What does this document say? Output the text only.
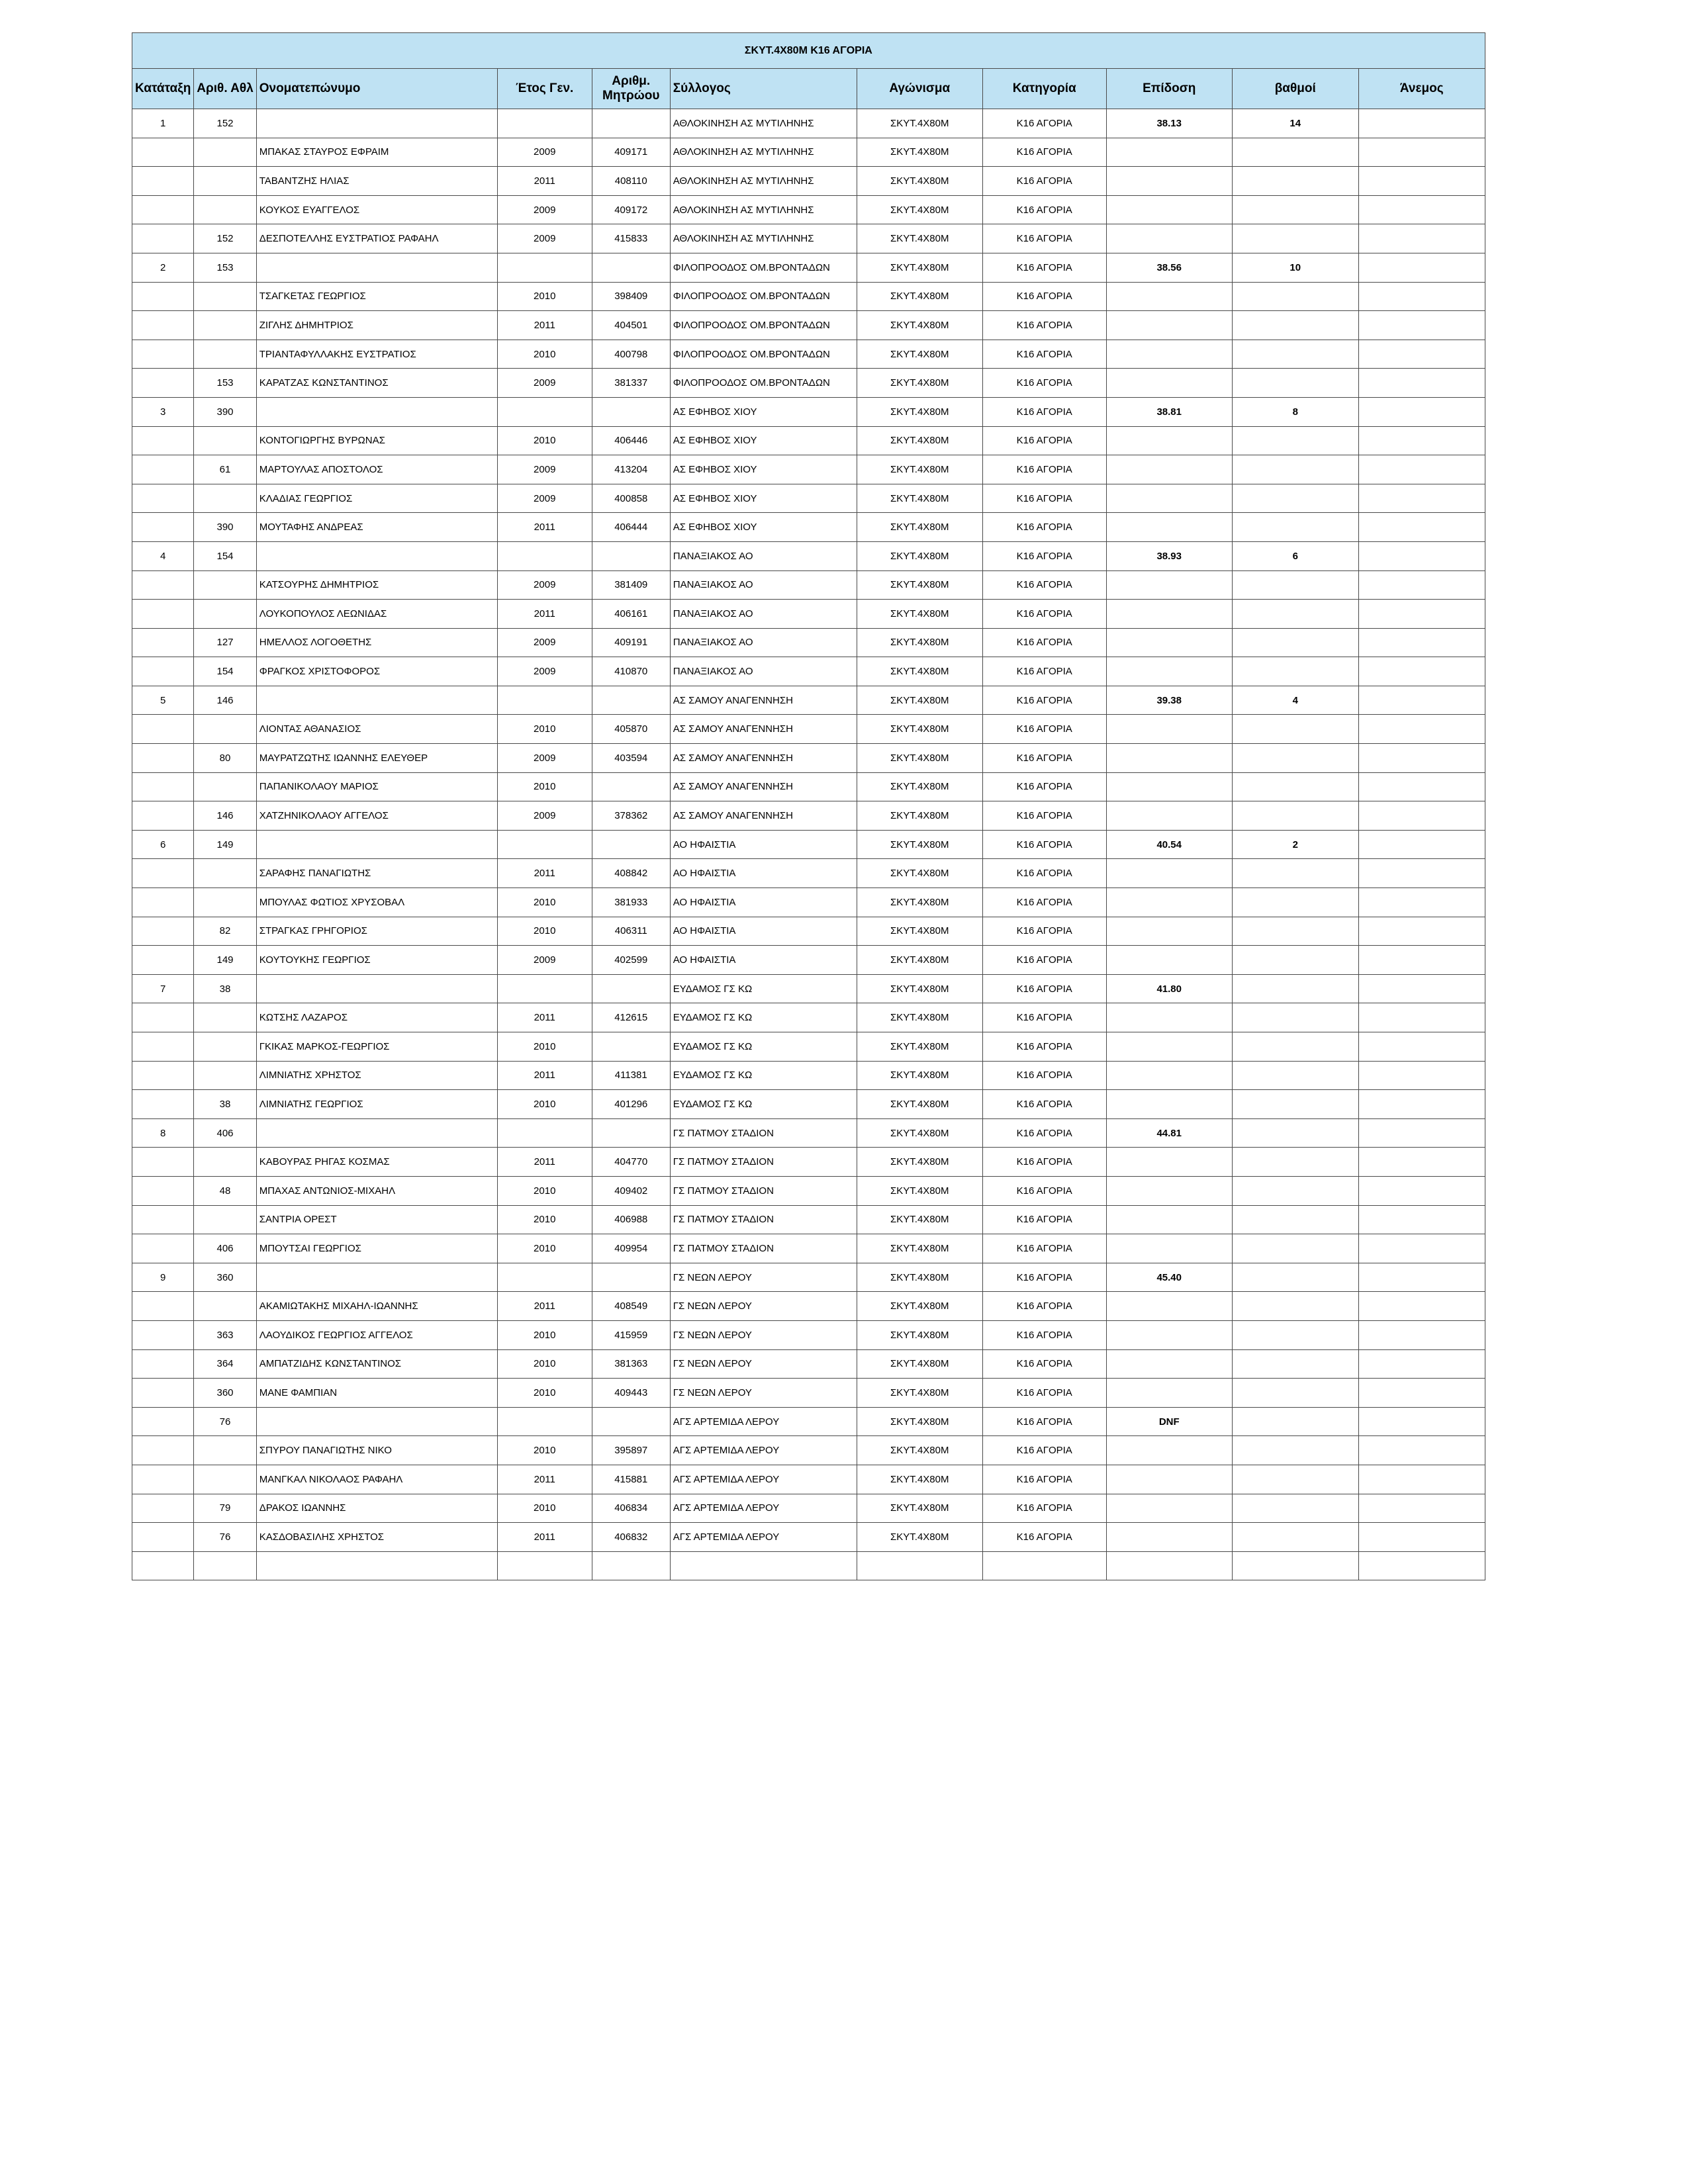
ΣΚΥΤ.4Χ80Μ Κ16 ΑΓΟΡΙΑ										
Κατάταξη	Αριθ. Αθλ	Ονοματεπώνυμο	Έτος Γεν.	Αριθμ. Μητρώου	Σύλλογος	Αγώνισμα	Κατηγορία	Επίδοση	βαθμοί	Άνεμος
1	152				ΑΘΛΟΚΙΝΗΣΗ ΑΣ ΜΥΤΙΛΗΝΗΣ	ΣΚΥΤ.4Χ80Μ	Κ16 ΑΓΟΡΙΑ	38.13	14	
		ΜΠΑΚΑΣ ΣΤΑΥΡΟΣ ΕΦΡΑΙΜ	2009	409171	ΑΘΛΟΚΙΝΗΣΗ ΑΣ ΜΥΤΙΛΗΝΗΣ	ΣΚΥΤ.4Χ80Μ	Κ16 ΑΓΟΡΙΑ			
		ΤΑΒΑΝΤΖΗΣ ΗΛΙΑΣ	2011	408110	ΑΘΛΟΚΙΝΗΣΗ ΑΣ ΜΥΤΙΛΗΝΗΣ	ΣΚΥΤ.4Χ80Μ	Κ16 ΑΓΟΡΙΑ			
		ΚΟΥΚΟΣ ΕΥΑΓΓΕΛΟΣ	2009	409172	ΑΘΛΟΚΙΝΗΣΗ ΑΣ ΜΥΤΙΛΗΝΗΣ	ΣΚΥΤ.4Χ80Μ	Κ16 ΑΓΟΡΙΑ			
	152	ΔΕΣΠΟΤΕΛΛΗΣ ΕΥΣΤΡΑΤΙΟΣ ΡΑΦΑΗΛ	2009	415833	ΑΘΛΟΚΙΝΗΣΗ ΑΣ ΜΥΤΙΛΗΝΗΣ	ΣΚΥΤ.4Χ80Μ	Κ16 ΑΓΟΡΙΑ			
2	153				ΦΙΛΟΠΡΟΟΔΟΣ ΟΜ.ΒΡΟΝΤΑΔΩΝ	ΣΚΥΤ.4Χ80Μ	Κ16 ΑΓΟΡΙΑ	38.56	10	
		ΤΣΑΓΚΕΤΑΣ ΓΕΩΡΓΙΟΣ	2010	398409	ΦΙΛΟΠΡΟΟΔΟΣ ΟΜ.ΒΡΟΝΤΑΔΩΝ	ΣΚΥΤ.4Χ80Μ	Κ16 ΑΓΟΡΙΑ			
		ΖΙΓΛΗΣ ΔΗΜΗΤΡΙΟΣ	2011	404501	ΦΙΛΟΠΡΟΟΔΟΣ ΟΜ.ΒΡΟΝΤΑΔΩΝ	ΣΚΥΤ.4Χ80Μ	Κ16 ΑΓΟΡΙΑ			
		ΤΡΙΑΝΤΑΦΥΛΛΑΚΗΣ ΕΥΣΤΡΑΤΙΟΣ	2010	400798	ΦΙΛΟΠΡΟΟΔΟΣ ΟΜ.ΒΡΟΝΤΑΔΩΝ	ΣΚΥΤ.4Χ80Μ	Κ16 ΑΓΟΡΙΑ			
	153	ΚΑΡΑΤΖΑΣ ΚΩΝΣΤΑΝΤΙΝΟΣ	2009	381337	ΦΙΛΟΠΡΟΟΔΟΣ ΟΜ.ΒΡΟΝΤΑΔΩΝ	ΣΚΥΤ.4Χ80Μ	Κ16 ΑΓΟΡΙΑ			
3	390				ΑΣ ΕΦΗΒΟΣ ΧΙΟΥ	ΣΚΥΤ.4Χ80Μ	Κ16 ΑΓΟΡΙΑ	38.81	8	
		ΚΟΝΤΟΓΙΩΡΓΗΣ ΒΥΡΩΝΑΣ	2010	406446	ΑΣ ΕΦΗΒΟΣ ΧΙΟΥ	ΣΚΥΤ.4Χ80Μ	Κ16 ΑΓΟΡΙΑ			
	61	ΜΑΡΤΟΥΛΑΣ ΑΠΟΣΤΟΛΟΣ	2009	413204	ΑΣ ΕΦΗΒΟΣ ΧΙΟΥ	ΣΚΥΤ.4Χ80Μ	Κ16 ΑΓΟΡΙΑ			
		ΚΛΑΔΙΑΣ ΓΕΩΡΓΙΟΣ	2009	400858	ΑΣ ΕΦΗΒΟΣ ΧΙΟΥ	ΣΚΥΤ.4Χ80Μ	Κ16 ΑΓΟΡΙΑ			
	390	ΜΟΥΤΑΦΗΣ ΑΝΔΡΕΑΣ	2011	406444	ΑΣ ΕΦΗΒΟΣ ΧΙΟΥ	ΣΚΥΤ.4Χ80Μ	Κ16 ΑΓΟΡΙΑ			
4	154				ΠΑΝΑΞΙΑΚΟΣ ΑΟ	ΣΚΥΤ.4Χ80Μ	Κ16 ΑΓΟΡΙΑ	38.93	6	
		ΚΑΤΣΟΥΡΗΣ ΔΗΜΗΤΡΙΟΣ	2009	381409	ΠΑΝΑΞΙΑΚΟΣ ΑΟ	ΣΚΥΤ.4Χ80Μ	Κ16 ΑΓΟΡΙΑ			
		ΛΟΥΚΟΠΟΥΛΟΣ ΛΕΩΝΙΔΑΣ	2011	406161	ΠΑΝΑΞΙΑΚΟΣ ΑΟ	ΣΚΥΤ.4Χ80Μ	Κ16 ΑΓΟΡΙΑ			
	127	ΗΜΕΛΛΟΣ ΛΟΓΟΘΕΤΗΣ	2009	409191	ΠΑΝΑΞΙΑΚΟΣ ΑΟ	ΣΚΥΤ.4Χ80Μ	Κ16 ΑΓΟΡΙΑ			
	154	ΦΡΑΓΚΟΣ ΧΡΙΣΤΟΦΟΡΟΣ	2009	410870	ΠΑΝΑΞΙΑΚΟΣ ΑΟ	ΣΚΥΤ.4Χ80Μ	Κ16 ΑΓΟΡΙΑ			
5	146				ΑΣ ΣΑΜΟΥ ΑΝΑΓΕΝΝΗΣΗ	ΣΚΥΤ.4Χ80Μ	Κ16 ΑΓΟΡΙΑ	39.38	4	
		ΛΙΟΝΤΑΣ ΑΘΑΝΑΣΙΟΣ	2010	405870	ΑΣ ΣΑΜΟΥ ΑΝΑΓΕΝΝΗΣΗ	ΣΚΥΤ.4Χ80Μ	Κ16 ΑΓΟΡΙΑ			
	80	ΜΑΥΡΑΤΖΩΤΗΣ ΙΩΑΝΝΗΣ ΕΛΕΥΘΕΡ	2009	403594	ΑΣ ΣΑΜΟΥ ΑΝΑΓΕΝΝΗΣΗ	ΣΚΥΤ.4Χ80Μ	Κ16 ΑΓΟΡΙΑ			
		ΠΑΠΑΝΙΚΟΛΑΟΥ ΜΑΡΙΟΣ	2010		ΑΣ ΣΑΜΟΥ ΑΝΑΓΕΝΝΗΣΗ	ΣΚΥΤ.4Χ80Μ	Κ16 ΑΓΟΡΙΑ			
	146	ΧΑΤΖΗΝΙΚΟΛΑΟΥ ΑΓΓΕΛΟΣ	2009	378362	ΑΣ ΣΑΜΟΥ ΑΝΑΓΕΝΝΗΣΗ	ΣΚΥΤ.4Χ80Μ	Κ16 ΑΓΟΡΙΑ			
6	149				ΑΟ ΗΦΑΙΣΤΙΑ	ΣΚΥΤ.4Χ80Μ	Κ16 ΑΓΟΡΙΑ	40.54	2	
		ΣΑΡΑΦΗΣ ΠΑΝΑΓΙΩΤΗΣ	2011	408842	ΑΟ ΗΦΑΙΣΤΙΑ	ΣΚΥΤ.4Χ80Μ	Κ16 ΑΓΟΡΙΑ			
		ΜΠΟΥΛΑΣ ΦΩΤΙΟΣ ΧΡΥΣΟΒΑΛ	2010	381933	ΑΟ ΗΦΑΙΣΤΙΑ	ΣΚΥΤ.4Χ80Μ	Κ16 ΑΓΟΡΙΑ			
	82	ΣΤΡΑΓΚΑΣ ΓΡΗΓΟΡΙΟΣ	2010	406311	ΑΟ ΗΦΑΙΣΤΙΑ	ΣΚΥΤ.4Χ80Μ	Κ16 ΑΓΟΡΙΑ			
	149	ΚΟΥΤΟΥΚΗΣ ΓΕΩΡΓΙΟΣ	2009	402599	ΑΟ ΗΦΑΙΣΤΙΑ	ΣΚΥΤ.4Χ80Μ	Κ16 ΑΓΟΡΙΑ			
7	38				ΕΥΔΑΜΟΣ ΓΣ ΚΩ	ΣΚΥΤ.4Χ80Μ	Κ16 ΑΓΟΡΙΑ	41.80		
		ΚΩΤΣΗΣ ΛΑΖΑΡΟΣ	2011	412615	ΕΥΔΑΜΟΣ ΓΣ ΚΩ	ΣΚΥΤ.4Χ80Μ	Κ16 ΑΓΟΡΙΑ			
		ΓΚΙΚΑΣ ΜΑΡΚΟΣ-ΓΕΩΡΓΙΟΣ	2010		ΕΥΔΑΜΟΣ ΓΣ ΚΩ	ΣΚΥΤ.4Χ80Μ	Κ16 ΑΓΟΡΙΑ			
		ΛΙΜΝΙΑΤΗΣ ΧΡΗΣΤΟΣ	2011	411381	ΕΥΔΑΜΟΣ ΓΣ ΚΩ	ΣΚΥΤ.4Χ80Μ	Κ16 ΑΓΟΡΙΑ			
	38	ΛΙΜΝΙΑΤΗΣ ΓΕΩΡΓΙΟΣ	2010	401296	ΕΥΔΑΜΟΣ ΓΣ ΚΩ	ΣΚΥΤ.4Χ80Μ	Κ16 ΑΓΟΡΙΑ			
8	406				ΓΣ ΠΑΤΜΟΥ ΣΤΑΔΙΟΝ	ΣΚΥΤ.4Χ80Μ	Κ16 ΑΓΟΡΙΑ	44.81		
		ΚΑΒΟΥΡΑΣ ΡΗΓΑΣ ΚΟΣΜΑΣ	2011	404770	ΓΣ ΠΑΤΜΟΥ ΣΤΑΔΙΟΝ	ΣΚΥΤ.4Χ80Μ	Κ16 ΑΓΟΡΙΑ			
	48	ΜΠΑΧΑΣ ΑΝΤΩΝΙΟΣ-ΜΙΧΑΗΛ	2010	409402	ΓΣ ΠΑΤΜΟΥ ΣΤΑΔΙΟΝ	ΣΚΥΤ.4Χ80Μ	Κ16 ΑΓΟΡΙΑ			
		ΣΑΝΤΡΙΑ ΟΡΕΣΤ	2010	406988	ΓΣ ΠΑΤΜΟΥ ΣΤΑΔΙΟΝ	ΣΚΥΤ.4Χ80Μ	Κ16 ΑΓΟΡΙΑ			
	406	ΜΠΟΥΤΣΑΙ ΓΕΩΡΓΙΟΣ	2010	409954	ΓΣ ΠΑΤΜΟΥ ΣΤΑΔΙΟΝ	ΣΚΥΤ.4Χ80Μ	Κ16 ΑΓΟΡΙΑ			
9	360				ΓΣ ΝΕΩΝ ΛΕΡΟΥ	ΣΚΥΤ.4Χ80Μ	Κ16 ΑΓΟΡΙΑ	45.40		
		ΑΚΑΜΙΩΤΑΚΗΣ ΜΙΧΑΗΛ-ΙΩΑΝΝΗΣ	2011	408549	ΓΣ ΝΕΩΝ ΛΕΡΟΥ	ΣΚΥΤ.4Χ80Μ	Κ16 ΑΓΟΡΙΑ			
	363	ΛΑΟΥΔΙΚΟΣ ΓΕΩΡΓΙΟΣ ΑΓΓΕΛΟΣ	2010	415959	ΓΣ ΝΕΩΝ ΛΕΡΟΥ	ΣΚΥΤ.4Χ80Μ	Κ16 ΑΓΟΡΙΑ			
	364	ΑΜΠΑΤΖΙΔΗΣ ΚΩΝΣΤΑΝΤΙΝΟΣ	2010	381363	ΓΣ ΝΕΩΝ ΛΕΡΟΥ	ΣΚΥΤ.4Χ80Μ	Κ16 ΑΓΟΡΙΑ			
	360	ΜΑΝΕ ΦΑΜΠΙΑΝ	2010	409443	ΓΣ ΝΕΩΝ ΛΕΡΟΥ	ΣΚΥΤ.4Χ80Μ	Κ16 ΑΓΟΡΙΑ			
	76				ΑΓΣ ΑΡΤΕΜΙΔΑ ΛΕΡΟΥ	ΣΚΥΤ.4Χ80Μ	Κ16 ΑΓΟΡΙΑ	DNF		
		ΣΠΥΡΟΥ ΠΑΝΑΓΙΩΤΗΣ ΝΙΚΟ	2010	395897	ΑΓΣ ΑΡΤΕΜΙΔΑ ΛΕΡΟΥ	ΣΚΥΤ.4Χ80Μ	Κ16 ΑΓΟΡΙΑ			
		ΜΑΝΓΚΑΛ ΝΙΚΟΛΑΟΣ ΡΑΦΑΗΛ	2011	415881	ΑΓΣ ΑΡΤΕΜΙΔΑ ΛΕΡΟΥ	ΣΚΥΤ.4Χ80Μ	Κ16 ΑΓΟΡΙΑ			
	79	ΔΡΑΚΟΣ ΙΩΑΝΝΗΣ	2010	406834	ΑΓΣ ΑΡΤΕΜΙΔΑ ΛΕΡΟΥ	ΣΚΥΤ.4Χ80Μ	Κ16 ΑΓΟΡΙΑ			
	76	ΚΑΣΔΟΒΑΣΙΛΗΣ ΧΡΗΣΤΟΣ	2011	406832	ΑΓΣ ΑΡΤΕΜΙΔΑ ΛΕΡΟΥ	ΣΚΥΤ.4Χ80Μ	Κ16 ΑΓΟΡΙΑ			
